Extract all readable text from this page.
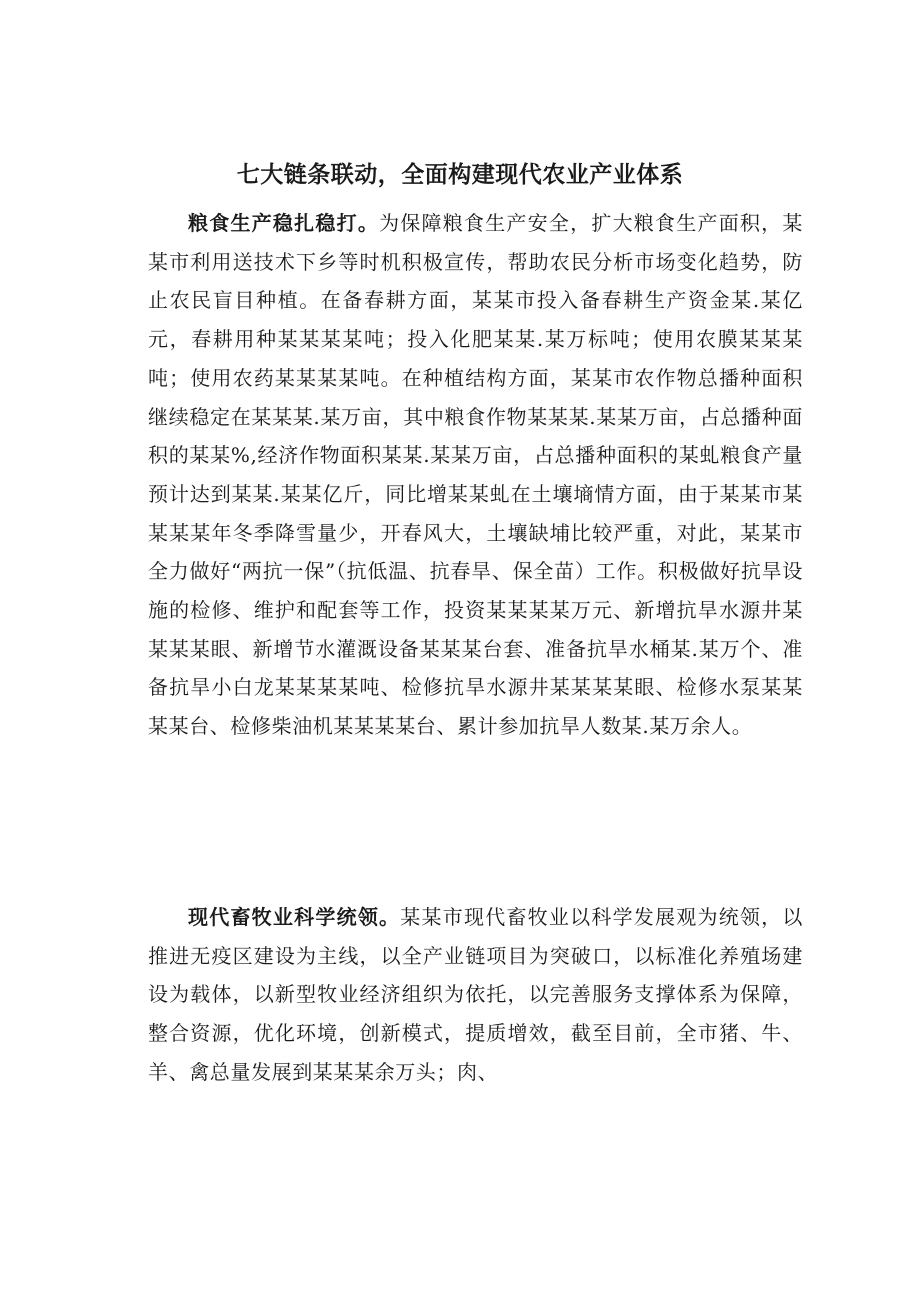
七大链条联动，全面构建现代农业产业体系

粮食生产稳扎稳打。为保障粮食生产安全，扩大粮食生产面积，某某市利用送技术下乡等时机积极宣传，帮助农民分析市场变化趋势，防止农民盲目种植。在备春耕方面，某某市投入备春耕生产资金某.某亿元，春耕用种某某某某吨；投入化肥某某.某万标吨；使用农膜某某某吨；使用农药某某某某吨。在种植结构方面，某某市农作物总播种面积继续稳定在某某某.某万亩，其中粮食作物某某某.某某万亩，占总播种面积的某某%,经济作物面积某某.某某万亩，占总播种面积的某虬粮食产量预计达到某某.某某亿斤，同比增某某虬在土壤墒情方面，由于某某市某某某某年冬季降雪量少，开春风大，土壤缺埔比较严重，对此，某某市全力做好“两抗一保”（抗低温、抗春旱、保全苗）工作。积极做好抗旱设施的检修、维护和配套等工作，投资某某某某万元、新增抗旱水源井某某某某眼、新增节水灌溉设备某某某台套、准备抗旱水桶某.某万个、准备抗旱小白龙某某某某吨、检修抗旱水源井某某某某眼、检修水泵某某某某台、检修柴油机某某某某台、累计参加抗旱人数某.某万余人。

现代畜牧业科学统领。某某市现代畜牧业以科学发展观为统领，以推进无疫区建设为主线，以全产业链项目为突破口，以标准化养殖场建设为载体，以新型牧业经济组织为依托，以完善服务支撑体系为保障，整合资源，优化环境，创新模式，提质增效，截至目前，全市猪、牛、羊、禽总量发展到某某某余万头；肉、
